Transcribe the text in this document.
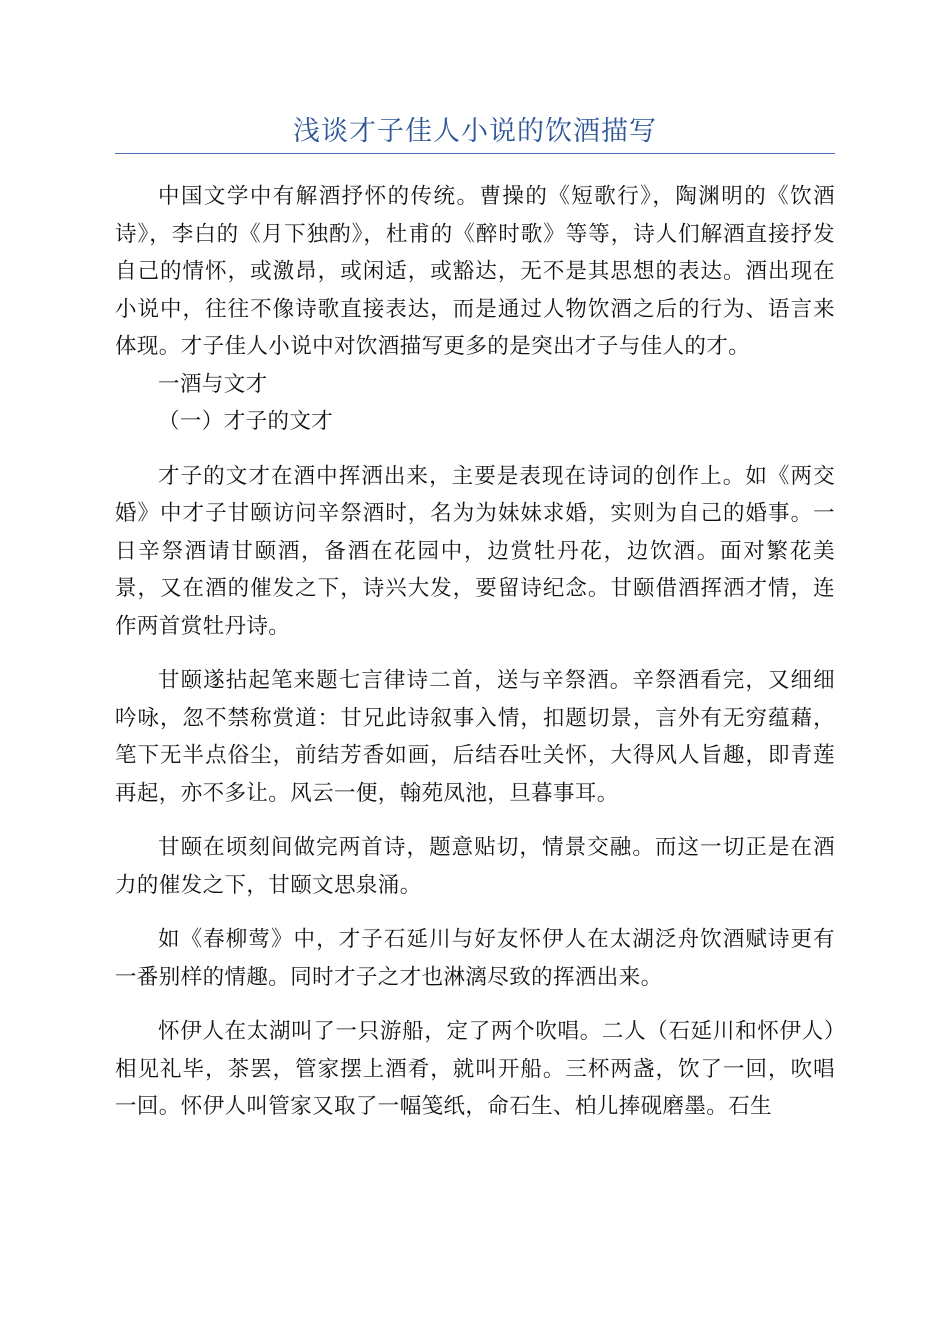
浅谈才子佳人小说的饮酒描写

中国文学中有解酒抒怀的传统。曹操的《短歌行》，陶渊明的《饮酒诗》，李白的《月下独酌》，杜甫的《醉时歌》等等，诗人们解酒直接抒发自己的情怀，或激昂，或闲适，或豁达，无不是其思想的表达。酒出现在小说中，往往不像诗歌直接表达，而是通过人物饮酒之后的行为、语言来体现。才子佳人小说中对饮酒描写更多的是突出才子与佳人的才。

一酒与文才

（一）才子的文才

才子的文才在酒中挥洒出来，主要是表现在诗词的创作上。如《两交婚》中才子甘颐访问辛祭酒时，名为为妹妹求婚，实则为自己的婚事。一日辛祭酒请甘颐酒，备酒在花园中，边赏牡丹花，边饮酒。面对繁花美景，又在酒的催发之下，诗兴大发，要留诗纪念。甘颐借酒挥洒才情，连作两首赏牡丹诗。

甘颐遂拈起笔来题七言律诗二首，送与辛祭酒。辛祭酒看完，又细细吟咏，忽不禁称赏道：甘兄此诗叙事入情，扣题切景，言外有无穷蕴藉，笔下无半点俗尘，前结芳香如画，后结吞吐关怀，大得风人旨趣，即青莲再起，亦不多让。风云一便，翰苑凤池，旦暮事耳。

甘颐在顷刻间做完两首诗，题意贴切，情景交融。而这一切正是在酒力的催发之下，甘颐文思泉涌。

如《春柳莺》中，才子石延川与好友怀伊人在太湖泛舟饮酒赋诗更有一番别样的情趣。同时才子之才也淋漓尽致的挥洒出来。

怀伊人在太湖叫了一只游船，定了两个吹唱。二人（石延川和怀伊人）相见礼毕，茶罢，管家摆上酒肴，就叫开船。三杯两盏，饮了一回，吹唱一回。怀伊人叫管家又取了一幅笺纸，命石生、柏儿捧砚磨墨。石生
